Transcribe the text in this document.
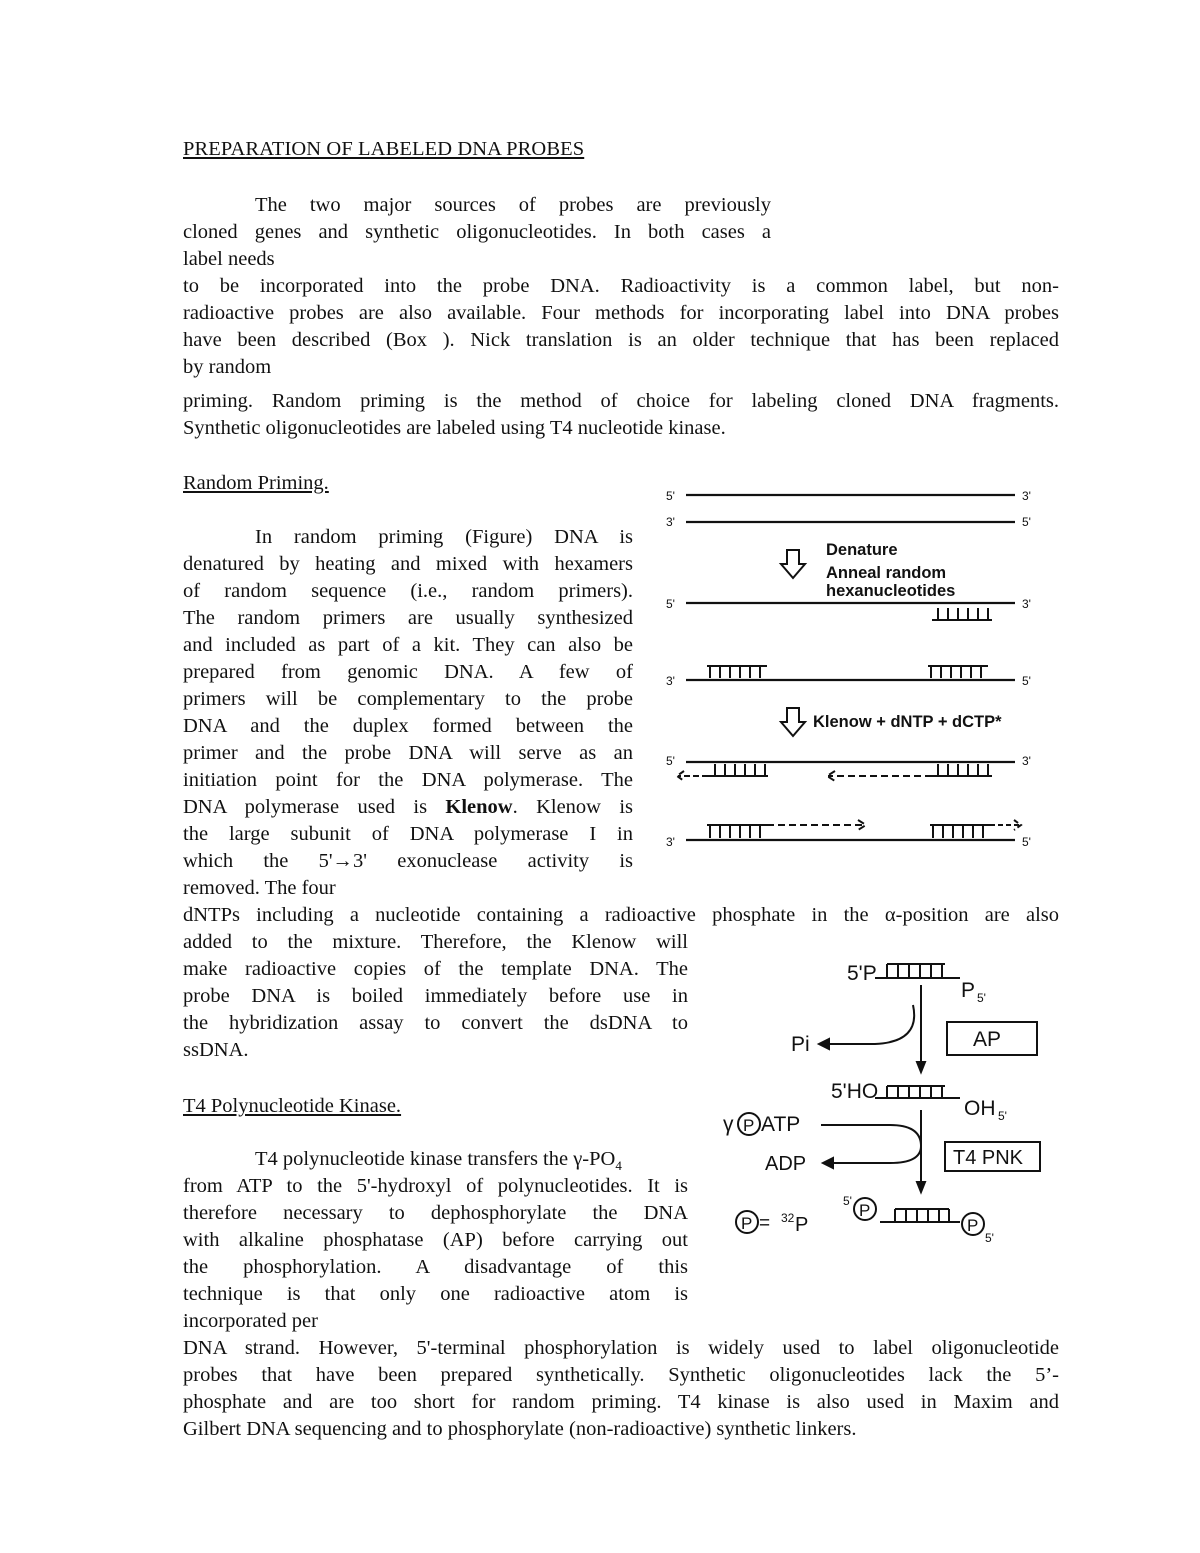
PREPARATION OF LABELED DNA PROBES
The two major sources of probes are previously
cloned genes and synthetic oligonucleotides. In both cases a
label needs
to be incorporated into the probe DNA. Radioactivity is a common label, but non-
radioactive probes are also available. Four methods for incorporating label into DNA probes
have been described (Box ). Nick translation is an older technique that has been replaced
by random
priming. Random priming is the method of choice for labeling cloned DNA fragments.
Synthetic oligonucleotides are labeled using T4 nucleotide kinase.
Random Priming.
In random priming (Figure) DNA is
denatured by heating and mixed with hexamers
of random sequence (i.e., random primers).
The random primers are usually synthesized
and included as part of a kit. They can also be
prepared from genomic DNA. A few of
primers will be complementary to the probe
DNA and the duplex formed between the
primer and the probe DNA will serve as an
initiation point for the DNA polymerase. The
DNA polymerase used is Klenow. Klenow is
the large subunit of DNA polymerase I in
which the 5'→3' exonuclease activity is
removed. The four
dNTPs including a nucleotide containing a radioactive phosphate in the α-position are also
added to the mixture. Therefore, the Klenow will
make radioactive copies of the template DNA. The
probe DNA is boiled immediately before use in
the hybridization assay to convert the dsDNA to
ssDNA.
T4 Polynucleotide Kinase.
T4 polynucleotide kinase transfers the $\gamma-PO_4$
from ATP to the 5'-hydroxyl of polynucleotides. It is
therefore necessary to dephosphorylate the DNA
with alkaline phosphatase (AP) before carrying out
the phosphorylation. A disadvantage of this
technique is that only one radioactive atom is
incorporated per
DNA strand. However, 5'-terminal phosphorylation is widely used to label oligonucleotide
probes that have been prepared synthetically. Synthetic oligonucleotides lack the 5’-
phosphate and are too short for random priming. T4 kinase is also used in Maxim and
Gilbert DNA sequencing and to phosphorylate (non-radioactive) synthetic linkers.
5'	3'
3'	5'
5'	3'
3'	5'
5'	3'
3'	5'
Denature
Anneal random
hexanucleotides
Klenow + dNTP + dCTP*
5'P
P 5'
Pi	AP
5'HO
OH 5'
γ P ATP
ADP	T4 PNK
P = 32 P
5' P
P
5'
